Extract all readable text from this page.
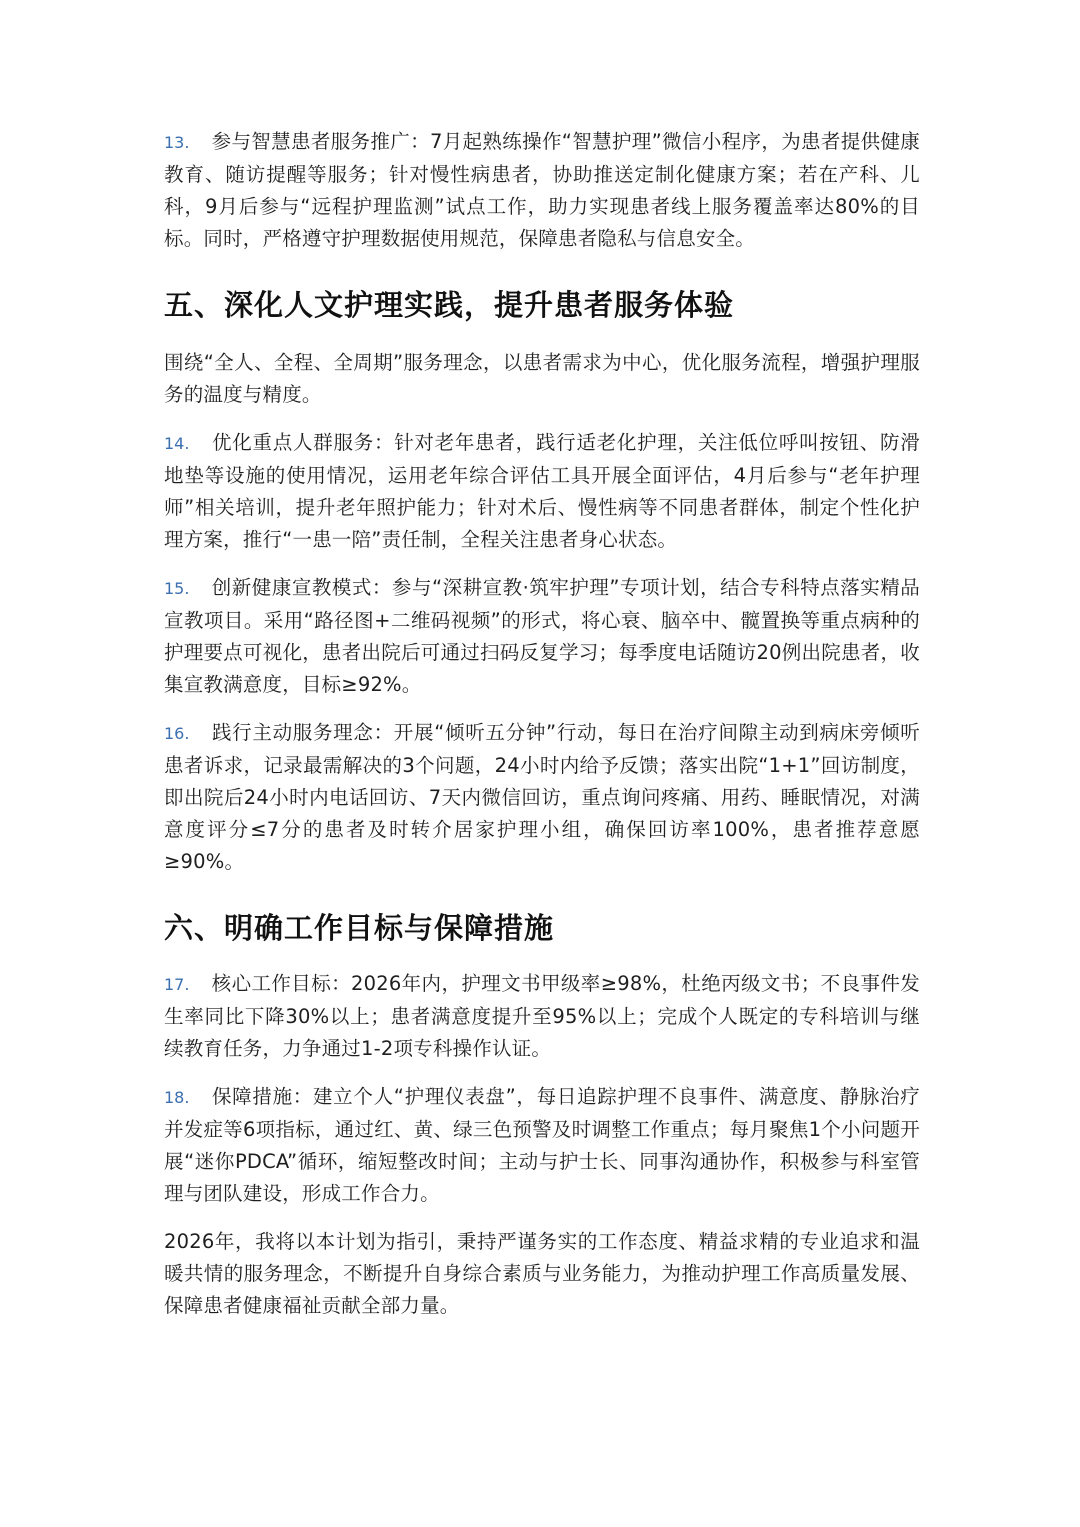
13. 参与智慧患者服务推广：7月起熟练操作“智慧护理”微信小程序，为患者提供健康教育、随访提醒等服务；针对慢性病患者，协助推送定制化健康方案；若在产科、儿科，9月后参与“远程护理监测”试点工作，助力实现患者线上服务覆盖率达80%的目标。同时，严格遵守护理数据使用规范，保障患者隐私与信息安全。

五、深化人文护理实践，提升患者服务体验

围绕“全人、全程、全周期”服务理念，以患者需求为中心，优化服务流程，增强护理服务的温度与精度。

14. 优化重点人群服务：针对老年患者，践行适老化护理，关注低位呼叫按钮、防滑地垫等设施的使用情况，运用老年综合评估工具开展全面评估，4月后参与“老年护理师”相关培训，提升老年照护能力；针对术后、慢性病等不同患者群体，制定个性化护理方案，推行“一患一陪”责任制，全程关注患者身心状态。

15. 创新健康宣教模式：参与“深耕宣教·筑牢护理”专项计划，结合专科特点落实精品宣教项目。采用“路径图+二维码视频”的形式，将心衰、脑卒中、髋置换等重点病种的护理要点可视化，患者出院后可通过扫码反复学习；每季度电话随访20例出院患者，收集宣教满意度，目标≥92%。

16. 践行主动服务理念：开展“倾听五分钟”行动，每日在治疗间隙主动到病床旁倾听患者诉求，记录最需解决的3个问题，24小时内给予反馈；落实出院“1+1”回访制度，即出院后24小时内电话回访、7天内微信回访，重点询问疼痛、用药、睡眠情况，对满意度评分≤7分的患者及时转介居家护理小组，确保回访率100%，患者推荐意愿≥90%。

六、明确工作目标与保障措施

17. 核心工作目标：2026年内，护理文书甲级率≥98%，杜绝丙级文书；不良事件发生率同比下降30%以上；患者满意度提升至95%以上；完成个人既定的专科培训与继续教育任务，力争通过1-2项专科操作认证。

18. 保障措施：建立个人“护理仪表盘”，每日追踪护理不良事件、满意度、静脉治疗并发症等6项指标，通过红、黄、绿三色预警及时调整工作重点；每月聚焦1个小问题开展“迷你PDCA”循环，缩短整改时间；主动与护士长、同事沟通协作，积极参与科室管理与团队建设，形成工作合力。

2026年，我将以本计划为指引，秉持严谨务实的工作态度、精益求精的专业追求和温暖共情的服务理念，不断提升自身综合素质与业务能力，为推动护理工作高质量发展、保障患者健康福祉贡献全部力量。
